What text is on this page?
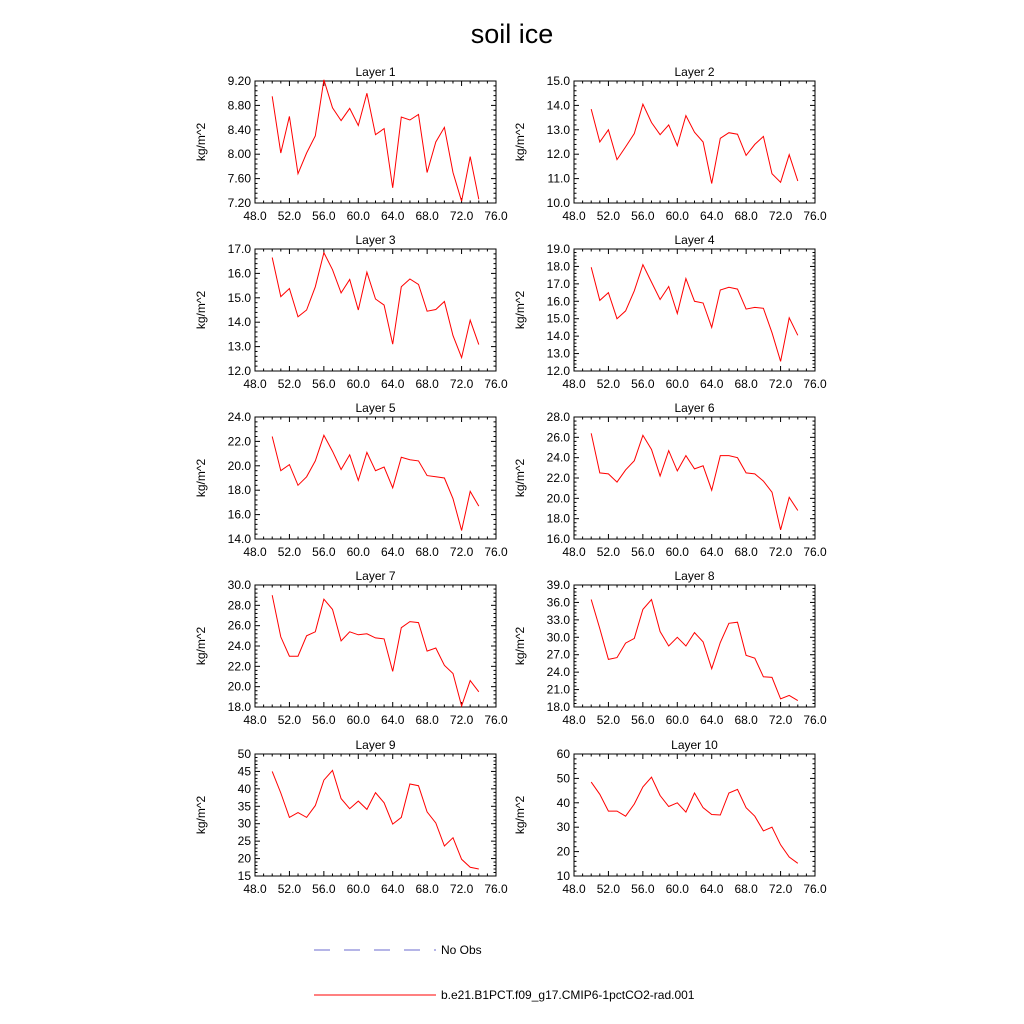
soil ice
Layer 1
kg/m^2
48.0 52.0 56.0 60.0 64.0 68.0 72.0 76.0
7.20
7.60
8.00
8.40
8.80
9.20
Layer 2
kg/m^2
48.0 52.0 56.0 60.0 64.0 68.0 72.0 76.0
10.0
11.0
12.0
13.0
14.0
15.0
Layer 3
kg/m^2
48.0 52.0 56.0 60.0 64.0 68.0 72.0 76.0
12.0
13.0
14.0
15.0
16.0
17.0
Layer 4
kg/m^2
48.0 52.0 56.0 60.0 64.0 68.0 72.0 76.0
12.0
13.0
14.0
15.0
16.0
17.0
18.0
19.0
Layer 5
kg/m^2
48.0 52.0 56.0 60.0 64.0 68.0 72.0 76.0
14.0
16.0
18.0
20.0
22.0
24.0
Layer 6
kg/m^2
48.0 52.0 56.0 60.0 64.0 68.0 72.0 76.0
16.0
18.0
20.0
22.0
24.0
26.0
28.0
Layer 7
kg/m^2
48.0 52.0 56.0 60.0 64.0 68.0 72.0 76.0
18.0
20.0
22.0
24.0
26.0
28.0
30.0
Layer 8
kg/m^2
48.0 52.0 56.0 60.0 64.0 68.0 72.0 76.0
18.0
21.0
24.0
27.0
30.0
33.0
36.0
39.0
Layer 9
kg/m^2
48.0 52.0 56.0 60.0 64.0 68.0 72.0 76.0
15
20
25
30
35
40
45
50
Layer 10
kg/m^2
48.0 52.0 56.0 60.0 64.0 68.0 72.0 76.0
10
20
30
40
50
60
No Obs
b.e21.B1PCT.f09_g17.CMIP6-1pctCO2-rad.001
